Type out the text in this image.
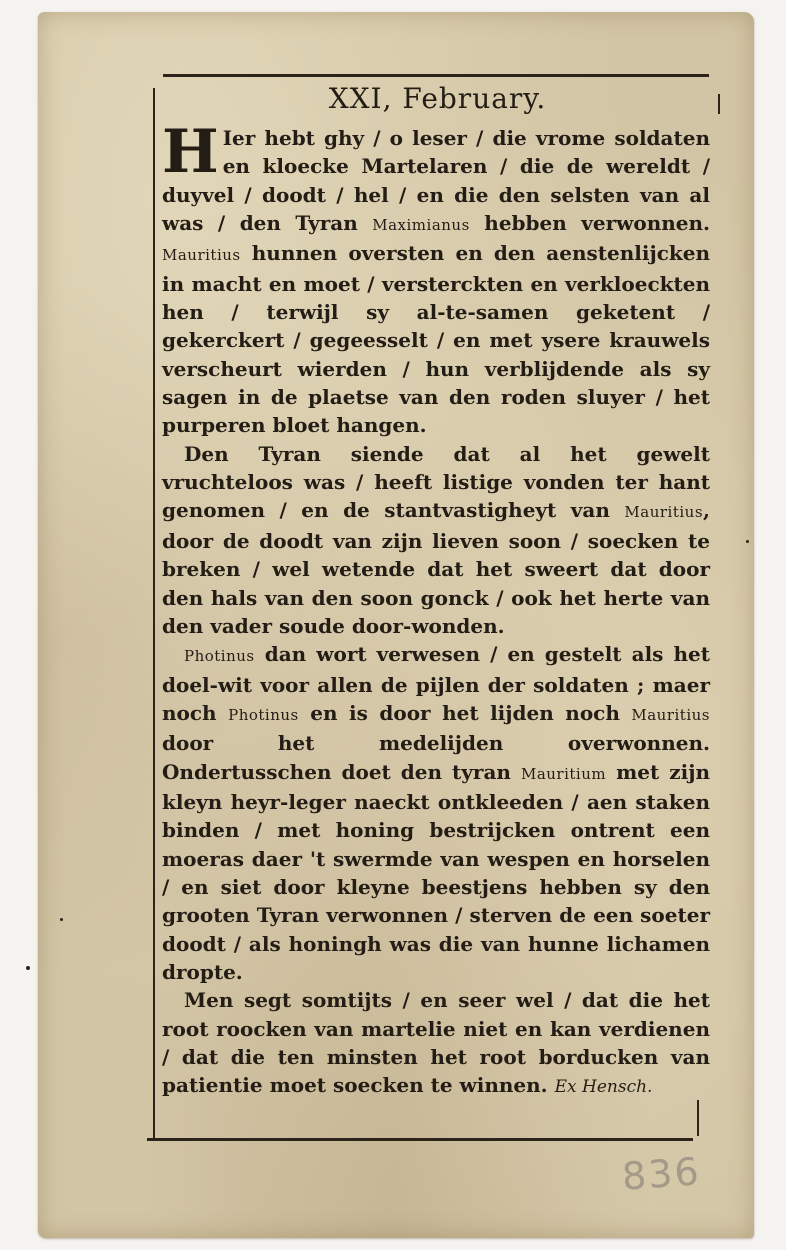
XXI, February.

H Ier hebt ghy / o leser / die vrome soldaten en kloecke Martelaren / die de wereldt / duyvel / doodt / hel / en die den selsten van al was / den Tyran Maximianus hebben verwonnen. Mauritius hunnen oversten en den aenstenlijcken in macht en moet / versterckten en verkloeckten hen / terwijl sy al-te-samen geketent / gekerckert / gegeesselt / en met ysere krauwels verscheurt wierden / hun verblijdende als sy sagen in de plaetse van den roden sluyer / het purperen bloet hangen.

Den Tyran siende dat al het gewelt vruchteloos was / heeft listige vonden ter hant genomen / en de stantvastigheyt van Mauritius, door de doodt van zijn lieven soon / soecken te breken / wel wetende dat het sweert dat door den hals van den soon gonck / ook het herte van den vader soude door-wonden.

Photinus dan wort verwesen / en gestelt als het doel-wit voor allen de pijlen der soldaten ; maer noch Photinus en is door het lijden noch Mauritius door het medelijden overwonnen. Ondertusschen doet den tyran Mauritium met zijn kleyn heyr-leger naeckt ontkleeden / aen staken binden / met honing bestrijcken ontrent een moeras daer 't swermde van wespen en horselen / en siet door kleyne beestjens hebben sy den grooten Tyran verwonnen / sterven de een soeter doodt / als honingh was die van hunne lichamen dropte.

Men segt somtijts / en seer wel / dat die het root roocken van martelie niet en kan verdienen / dat die ten minsten het root borducken van patientie moet soecken te winnen. Ex Hensch.

836
